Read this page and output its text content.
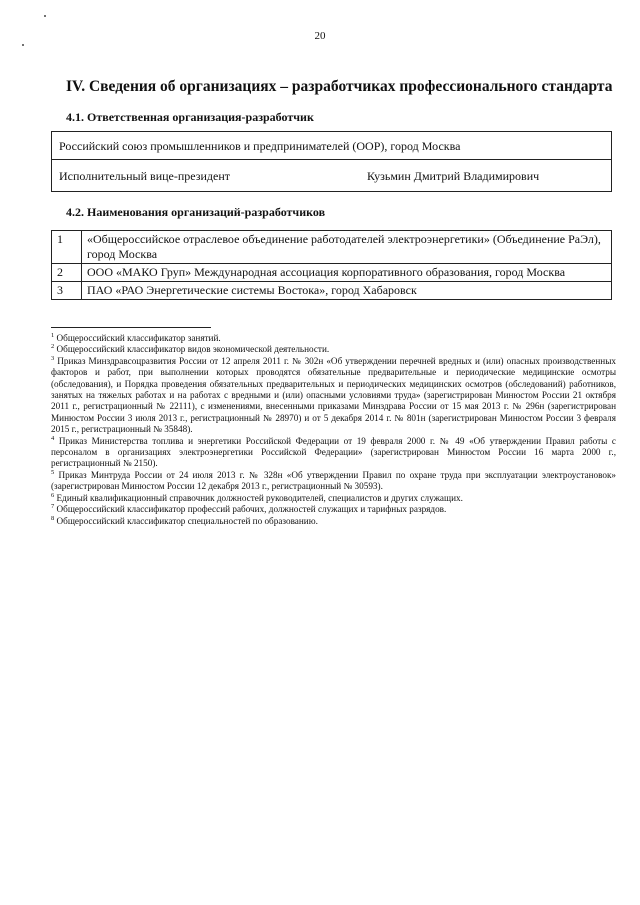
20
IV. Сведения об организациях – разработчиках профессионального стандарта
4.1. Ответственная организация-разработчик
Российский союз промышленников и предпринимателей (ООР), город Москва
Исполнительный вице-президент	Кузьмин Дмитрий Владимирович
4.2. Наименования организаций-разработчиков
1	«Общероссийское отраслевое объединение работодателей электроэнергетики» (Объединение РаЭл), город Москва
2	ООО «МАКО Груп» Международная ассоциация корпоративного образования, город Москва
3	ПАО «РАО Энергетические системы Востока», город Хабаровск

$^1$ Общероссийский классификатор занятий.

$^2$ Общероссийский классификатор видов экономической деятельности.

$^3$ Приказ Минздравсоцразвития России от 12 апреля 2011 г. № 302н «Об утверждении перечней вредных и (или) опасных производственных факторов и работ, при выполнении которых проводятся обязательные предварительные и периодические медицинские осмотры (обследования), и Порядка проведения обязательных предварительных и периодических медицинских осмотров (обследований) работников, занятых на тяжелых работах и на работах с вредными и (или) опасными условиями труда» (зарегистрирован Минюстом России 21 октября 2011 г., регистрационный № 22111), с изменениями, внесенными приказами Минздрава России от 15 мая 2013 г. № 296н (зарегистрирован Минюстом России 3 июля 2013 г., регистрационный № 28970) и от 5 декабря 2014 г. № 801н (зарегистрирован Минюстом России 3 февраля 2015 г., регистрационный № 35848).

$^4$ Приказ Министерства топлива и энергетики Российской Федерации от 19 февраля 2000 г. № 49 «Об утверждении Правил работы с персоналом в организациях электроэнергетики Российской Федерации» (зарегистрирован Минюстом России 16 марта 2000 г., регистрационный № 2150).

$^5$ Приказ Минтруда России от 24 июля 2013 г. № 328н «Об утверждении Правил по охране труда при эксплуатации электроустановок» (зарегистрирован Минюстом России 12 декабря 2013 г., регистрационный № 30593).

$^6$ Единый квалификационный справочник должностей руководителей, специалистов и других служащих.

$^7$ Общероссийский классификатор профессий рабочих, должностей служащих и тарифных разрядов.

$^8$ Общероссийский классификатор специальностей по образованию.
